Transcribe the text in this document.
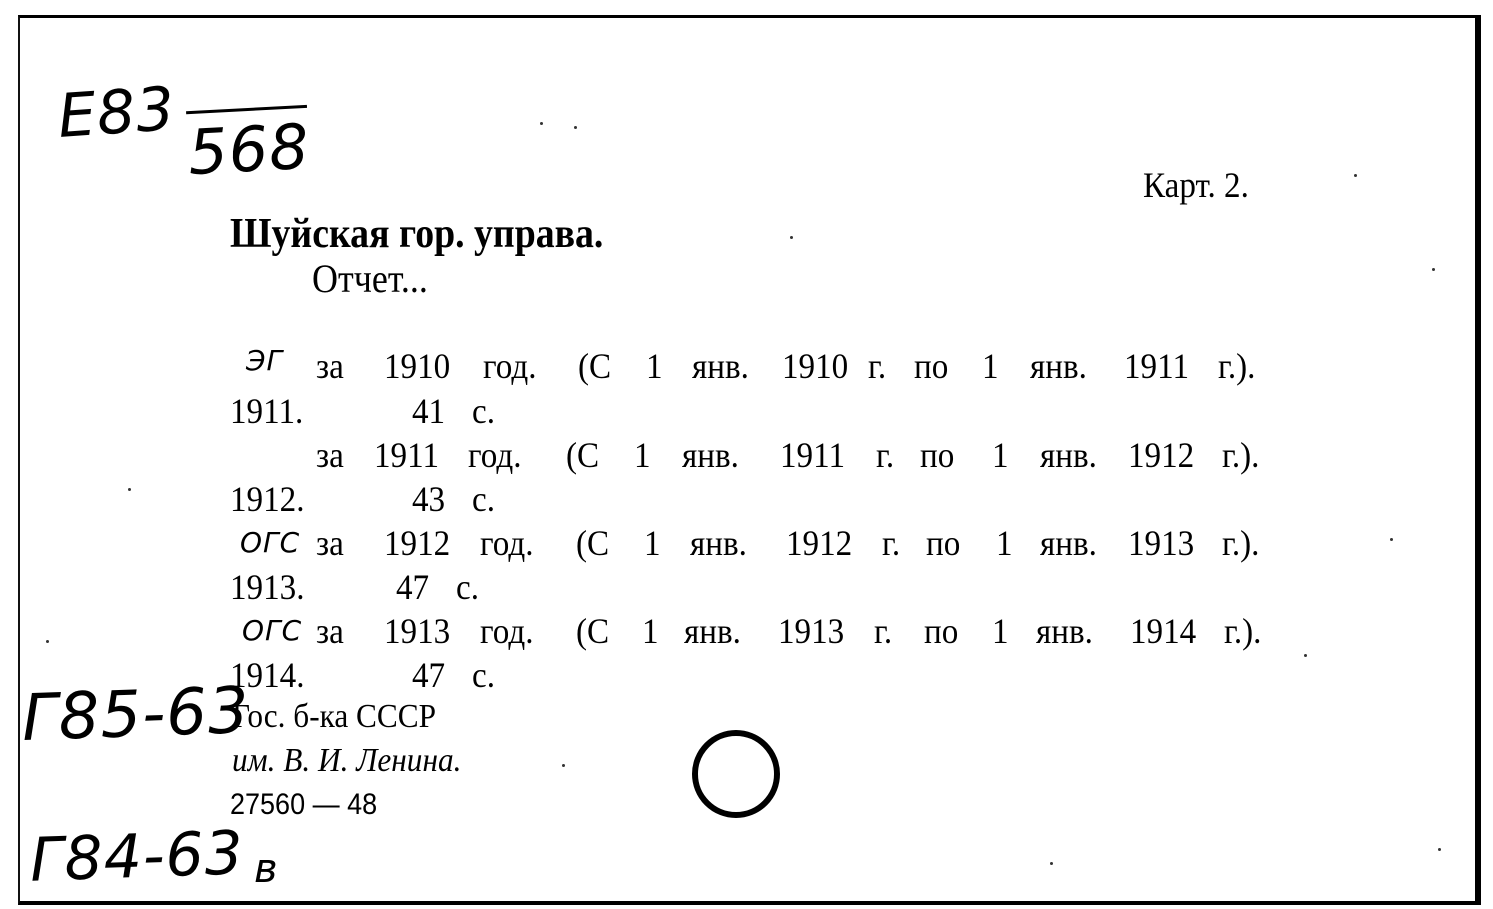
E83 568
Г85-63
Г84-63 в
Карт. 2.
Шуйская гор. управа.
Отчет...
ЭГ за 1910 год. (С 1 янв. 1910 г. по 1 янв. 1911 г.).
1911.	41 с.
за 1911 год. (С 1 янв. 1911 г. по 1 янв. 1912 г.).
1912.	43 с.
ОГС за 1912 год. (С 1 янв. 1912 г. по 1 янв. 1913 г.).
1913.	47 с.
ОГС за 1913 год. (С 1 янв. 1913 г. по 1 янв. 1914 г.).
1914.	47 с.
Гос. б-ка СССР
им. В. И. Ленина.
27560 — 48
